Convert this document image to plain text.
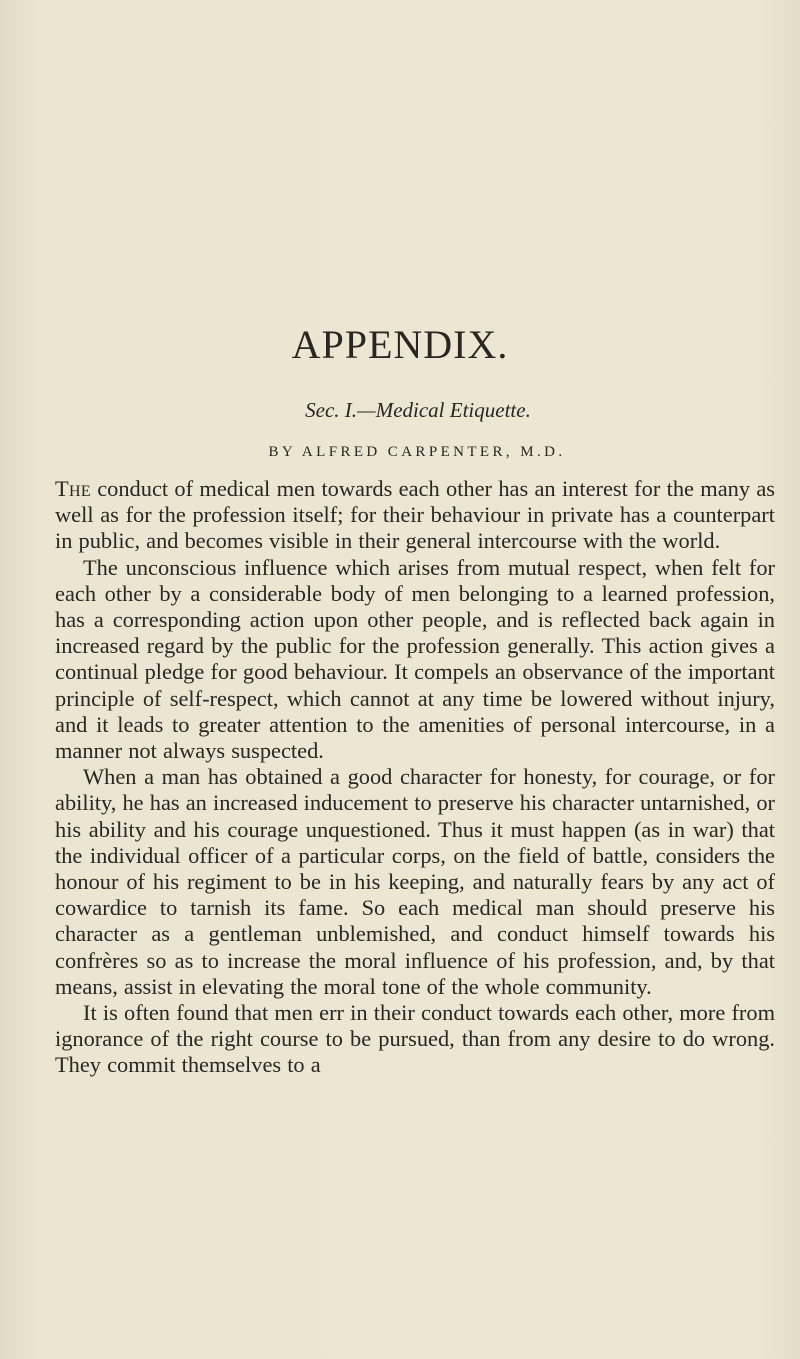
APPENDIX.
Sec. I.—Medical Etiquette.
BY ALFRED CARPENTER, M.D.

The conduct of medical men towards each other has an interest for the many as well as for the profession itself; for their behaviour in private has a counterpart in public, and becomes visible in their general intercourse with the world.

The unconscious influence which arises from mutual respect, when felt for each other by a considerable body of men belonging to a learned profession, has a corresponding action upon other people, and is reflected back again in increased regard by the public for the profession generally. This action gives a continual pledge for good behaviour. It compels an observance of the important principle of self-respect, which cannot at any time be lowered without injury, and it leads to greater attention to the amenities of personal intercourse, in a manner not always suspected.

When a man has obtained a good character for honesty, for courage, or for ability, he has an increased inducement to preserve his character untarnished, or his ability and his courage unquestioned. Thus it must happen (as in war) that the individual officer of a particular corps, on the field of battle, considers the honour of his regiment to be in his keeping, and naturally fears by any act of cowardice to tarnish its fame. So each medical man should preserve his character as a gentleman unblemished, and conduct himself towards his confrères so as to increase the moral influence of his profession, and, by that means, assist in elevating the moral tone of the whole community.

It is often found that men err in their conduct towards each other, more from ignorance of the right course to be pursued, than from any desire to do wrong. They commit themselves to a
